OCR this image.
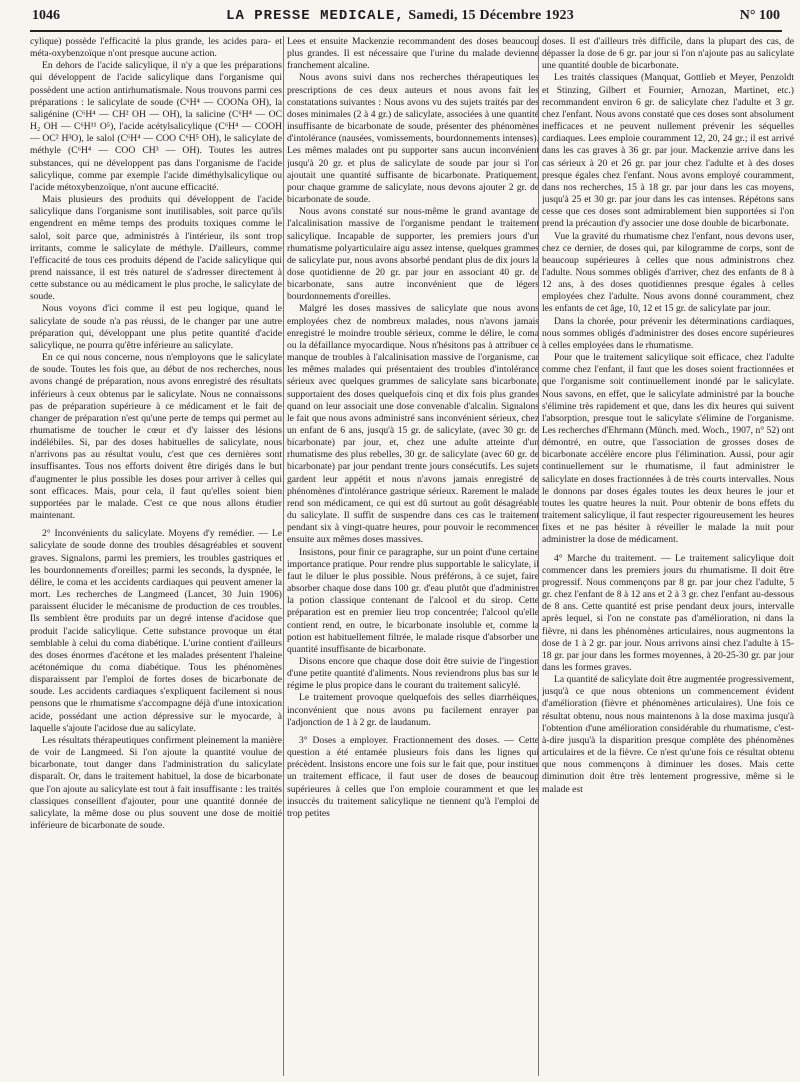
1046	LA PRESSE MEDICALE, Samedi, 15 Décembre 1923	N° 100

cylique) possède l'efficacité la plus grande, les acides para- et méta-oxybenzoïque n'ont presque aucune action.

En dehors de l'acide salicylique, il n'y a que les préparations qui développent de l'acide salicylique dans l'organisme qui possèdent une action antirhumatismale. Nous trouvons parmi ces préparations : le salicylate de soude (C⁶H⁴ — COONa OH), la saligénine (C⁶H⁴ — CH² OH — OH), la salicine (C⁶H⁴ — OC H₂ OH — C⁶H¹¹ O⁵), l'acide acétylsalicylique (C⁶H⁴ — COOH — OC² H³O), le salol (C⁶H⁴ — COO C⁶H⁵ OH), le salicylate de méthyle (C⁶H⁴ — COO CH³ — OH). Toutes les autres substances, qui ne développent pas dans l'organisme de l'acide salicylique, comme par exemple l'acide diméthylsalicylique ou l'acide métoxybenzoïque, n'ont aucune efficacité.

Mais plusieurs des produits qui développent de l'acide salicylique dans l'organisme sont inutilisables, soit parce qu'ils engendrent en même temps des produits toxiques comme le salol, soit parce que, administrés à l'intérieur, ils sont trop irritants, comme le salicylate de méthyle. D'ailleurs, comme l'efficacité de tous ces produits dépend de l'acide salicylique qui prend naissance, il est très naturel de s'adresser directement à cette substance ou au médicament le plus proche, le salicylate de soude.

Nous voyons d'ici comme il est peu logique, quand le salicylate de soude n'a pas réussi, de le changer par une autre préparation qui, développant une plus petite quantité d'acide salicylique, ne pourra qu'être inférieure au salicylate.

En ce qui nous concerne, nous n'employons que le salicylate de soude. Toutes les fois que, au début de nos recherches, nous avons changé de préparation, nous avons enregistré des résultats inférieurs à ceux obtenus par le salicylate. Nous ne connaissons pas de préparation supérieure à ce médicament et le fait de changer de préparation n'est qu'une perte de temps qui permet au rhumatisme de toucher le cœur et d'y laisser des lésions indélébiles. Si, par des doses habituelles de salicylate, nous n'arrivons pas au résultat voulu, c'est que ces dernières sont insuffisantes. Tous nos efforts doivent être dirigés dans le but d'augmenter le plus possible les doses pour arriver à celles qui sont efficaces. Mais, pour cela, il faut qu'elles soient bien supportées par le malade. C'est ce que nous allons étudier maintenant.

2° Inconvénients du salicylate. Moyens d'y remédier. — Le salicylate de soude donne des troubles désagréables et souvent graves. Signalons, parmi les premiers, les troubles gastriques et les bourdonnements d'oreilles; parmi les seconds, la dyspnée, le délire, le coma et les accidents cardiaques qui peuvent amener la mort. Les recherches de Langmeed (Lancet, 30 Juin 1906) paraissent élucider le mécanisme de production de ces troubles. Ils semblent être produits par un degré intense d'acidose que produit l'acide salicylique. Cette substance provoque un état semblable à celui du coma diabétique. L'urine contient d'ailleurs des doses énormes d'acétone et les malades présentent l'haleine acétonémique du coma diabétique. Tous les phénomènes disparaissent par l'emploi de fortes doses de bicarbonate de soude. Les accidents cardiaques s'expliquent facilement si nous pensons que le rhumatisme s'accompagne déjà d'une intoxication acide, possédant une action dépressive sur le myocarde, à laquelle s'ajoute l'acidose due au salicylate.

Les résultats thérapeutiques confirment pleinement la manière de voir de Langmeed. Si l'on ajoute la quantité voulue de bicarbonate, tout danger dans l'administration du salicylate disparaît. Or, dans le traitement habituel, la dose de bicarbonate que l'on ajoute au salicylate est tout à fait insuffisante : les traités classiques conseillent d'ajouter, pour une quantité donnée de salicylate, la même dose ou plus souvent une dose de moitié inférieure de bicarbonate de soude.

Lees et ensuite Mackenzie recommandent des doses beaucoup plus grandes. Il est nécessaire que l'urine du malade devienne franchement alcaline.

Nous avons suivi dans nos recherches thérapeutiques les prescriptions de ces deux auteurs et nous avons fait les constatations suivantes : Nous avons vu des sujets traités par des doses minimales (2 à 4 gr.) de salicylate, associées à une quantité insuffisante de bicarbonate de soude, présenter des phénomènes d'intolérance (nausées, vomissements, bourdonnements intenses). Les mêmes malades ont pu supporter sans aucun inconvénient jusqu'à 20 gr. et plus de salicylate de soude par jour si l'on ajoutait une quantité suffisante de bicarbonate. Pratiquement, pour chaque gramme de salicylate, nous devons ajouter 2 gr. de bicarbonate de soude.

Nous avons constaté sur nous-même le grand avantage de l'alcalinisation massive de l'organisme pendant le traitement salicylique. Incapable de supporter, les premiers jours d'un rhumatisme polyarticulaire aigu assez intense, quelques grammes de salicylate pur, nous avons absorbé pendant plus de dix jours la dose quotidienne de 20 gr. par jour en associant 40 gr. de bicarbonate, sans autre inconvénient que de légers bourdonnements d'oreilles.

Malgré les doses massives de salicylate que nous avons employées chez de nombreux malades, nous n'avons jamais enregistré le moindre trouble sérieux, comme le délire, le coma ou la défaillance myocardique. Nous n'hésitons pas à attribuer ce manque de troubles à l'alcalinisation massive de l'organisme, car les mêmes malades qui présentaient des troubles d'intolérance sérieux avec quelques grammes de salicylate sans bicarbonate, supportaient des doses quelquefois cinq et dix fois plus grandes quand on leur associait une dose convenable d'alcalin. Signalons le fait que nous avons administré sans inconvénient sérieux, chez un enfant de 6 ans, jusqu'à 15 gr. de salicylate, (avec 30 gr. de bicarbonate) par jour, et, chez une adulte atteinte d'un rhumatisme des plus rebelles, 30 gr. de salicylate (avec 60 gr. de bicarbonate) par jour pendant trente jours consécutifs. Les sujets gardent leur appétit et nous n'avons jamais enregistré de phénomènes d'intolérance gastrique sérieux. Rarement le malade rend son médicament, ce qui est dû surtout au goût désagréable du salicylate. Il suffit de suspendre dans ces cas le traitement pendant six à vingt-quatre heures, pour pouvoir le recommencer ensuite aux mêmes doses massives.

Insistons, pour finir ce paragraphe, sur un point d'une certaine importance pratique. Pour rendre plus supportable le salicylate, il faut le diluer le plus possible. Nous préférons, à ce sujet, faire absorber chaque dose dans 100 gr. d'eau plutôt que d'administrer la potion classique contenant de l'alcool et du sirop. Cette préparation est en premier lieu trop concentrée; l'alcool qu'elle contient rend, en outre, le bicarbonate insoluble et, comme la potion est habituellement filtrée, le malade risque d'absorber une quantité insuffisante de bicarbonate.

Disons encore que chaque dose doit être suivie de l'ingestion d'une petite quantité d'aliments. Nous reviendrons plus bas sur le régime le plus propice dans le courant du traitement salicylé.

Le traitement provoque quelquefois des selles diarrhéiques, inconvénient que nous avons pu facilement enrayer par l'adjonction de 1 à 2 gr. de laudanum.

3° Doses a employer. Fractionnement des doses. — Cette question a été entamée plusieurs fois dans les lignes qui précèdent. Insistons encore une fois sur le fait que, pour instituer un traitement efficace, il faut user de doses de beaucoup supérieures à celles que l'on emploie couramment et que les insuccès du traitement salicylique ne tiennent qu'à l'emploi de trop petites

doses. Il est d'ailleurs très difficile, dans la plupart des cas, de dépasser la dose de 6 gr. par jour si l'on n'ajoute pas au salicylate une quantité double de bicarbonate.

Les traités classiques (Manquat, Gottlieb et Meyer, Penzoldt et Stinzing, Gilbert et Fournier, Arnozan, Martinet, etc.) recommandent environ 6 gr. de salicylate chez l'adulte et 3 gr. chez l'enfant. Nous avons constaté que ces doses sont absolument inefficaces et ne peuvent nullement prévenir les séquelles cardiaques. Lees emploie couramment 12, 20, 24 gr.; il est arrivé dans les cas graves à 36 gr. par jour. Mackenzie arrive dans les cas sérieux à 20 et 26 gr. par jour chez l'adulte et à des doses presque égales chez l'enfant. Nous avons employé couramment, dans nos recherches, 15 à 18 gr. par jour dans les cas moyens, jusqu'à 25 et 30 gr. par jour dans les cas intenses. Répétons sans cesse que ces doses sont admirablement bien supportées si l'on prend la précaution d'y associer une dose double de bicarbonate.

Vue la gravité du rhumatisme chez l'enfant, nous devons user, chez ce dernier, de doses qui, par kilogramme de corps, sont de beaucoup supérieures à celles que nous administrons chez l'adulte. Nous sommes obligés d'arriver, chez des enfants de 8 à 12 ans, à des doses quotidiennes presque égales à celles employées chez l'adulte. Nous avons donné couramment, chez les enfants de cet âge, 10, 12 et 15 gr. de salicylate par jour.

Dans la chorée, pour prévenir les déterminations cardiaques, nous sommes obligés d'administrer des doses encore supérieures à celles employées dans le rhumatisme.

Pour que le traitement salicylique soit efficace, chez l'adulte comme chez l'enfant, il faut que les doses soient fractionnées et que l'organisme soit continuellement inondé par le salicylate. Nous savons, en effet, que le salicylate administré par la bouche s'élimine très rapidement et que, dans les dix heures qui suivent l'absorption, presque tout le salicylate s'élimine de l'organisme. Les recherches d'Ehrmann (Münch. med. Woch., 1907, n° 52) ont démontré, en outre, que l'association de grosses doses de bicarbonate accélère encore plus l'élimination. Aussi, pour agir continuellement sur le rhumatisme, il faut administrer le salicylate en doses fractionnées à de très courts intervalles. Nous le donnons par doses égales toutes les deux heures le jour et toutes les quatre heures la nuit. Pour obtenir de bons effets du traitement salicylique, il faut respecter rigoureusement les heures fixes et ne pas hésiter à réveiller le malade la nuit pour administrer la dose de médicament.

4° Marche du traitement. — Le traitement salicylique doit commencer dans les premiers jours du rhumatisme. Il doit être progressif. Nous commençons par 8 gr. par jour chez l'adulte, 5 gr. chez l'enfant de 8 à 12 ans et 2 à 3 gr. chez l'enfant au-dessous de 8 ans. Cette quantité est prise pendant deux jours, intervalle après lequel, si l'on ne constate pas d'amélioration, ni dans la fièvre, ni dans les phénomènes articulaires, nous augmentons la dose de 1 à 2 gr. par jour. Nous arrivons ainsi chez l'adulte à 15-18 gr. par jour dans les formes moyennes, à 20-25-30 gr. par jour dans les formes graves.

La quantité de salicylate doit être augmentée progressivement, jusqu'à ce que nous obtenions un commencement évident d'amélioration (fièvre et phénomènes articulaires). Une fois ce résultat obtenu, nous nous maintenons à la dose maxima jusqu'à l'obtention d'une amélioration considérable du rhumatisme, c'est-à-dire jusqu'à la disparition presque complète des phénomènes articulaires et de la fièvre. Ce n'est qu'une fois ce résultat obtenu que nous commençons à diminuer les doses. Mais cette diminution doit être très lentement progressive, même si le malade est
